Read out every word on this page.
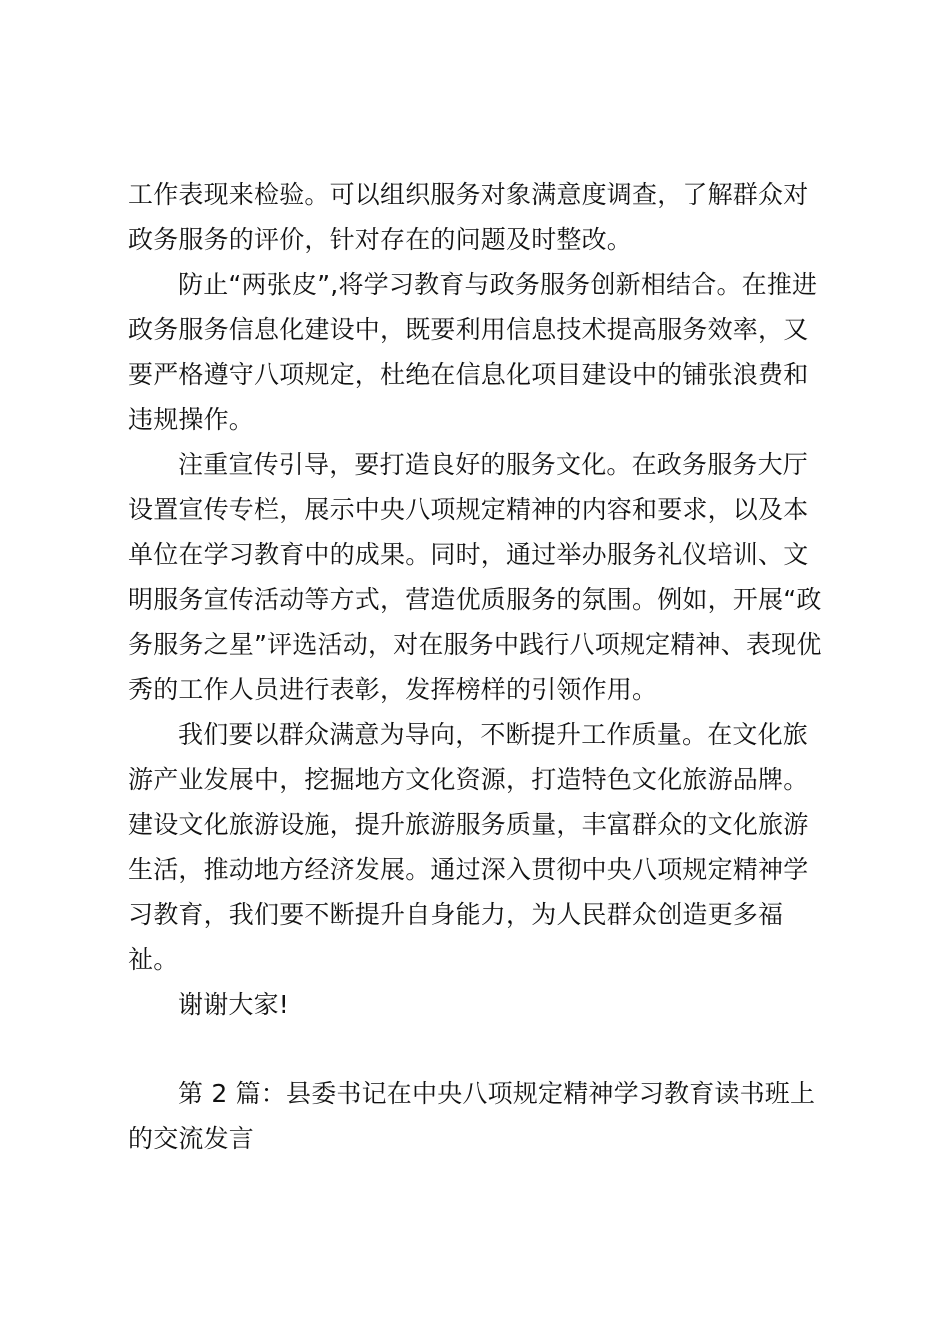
工作表现来检验。可以组织服务对象满意度调查，了解群众对
政务服务的评价，针对存在的问题及时整改。
防止“两张皮”,将学习教育与政务服务创新相结合。在推进
政务服务信息化建设中，既要利用信息技术提高服务效率，又
要严格遵守八项规定，杜绝在信息化项目建设中的铺张浪费和
违规操作。
注重宣传引导，要打造良好的服务文化。在政务服务大厅
设置宣传专栏，展示中央八项规定精神的内容和要求，以及本
单位在学习教育中的成果。同时，通过举办服务礼仪培训、文
明服务宣传活动等方式，营造优质服务的氛围。例如，开展“政
务服务之星”评选活动，对在服务中践行八项规定精神、表现优
秀的工作人员进行表彰，发挥榜样的引领作用。
我们要以群众满意为导向，不断提升工作质量。在文化旅
游产业发展中，挖掘地方文化资源，打造特色文化旅游品牌。
建设文化旅游设施，提升旅游服务质量，丰富群众的文化旅游
生活，推动地方经济发展。通过深入贯彻中央八项规定精神学
习教育，我们要不断提升自身能力，为人民群众创造更多福
祉。
谢谢大家!
第 2 篇：县委书记在中央八项规定精神学习教育读书班上
的交流发言
